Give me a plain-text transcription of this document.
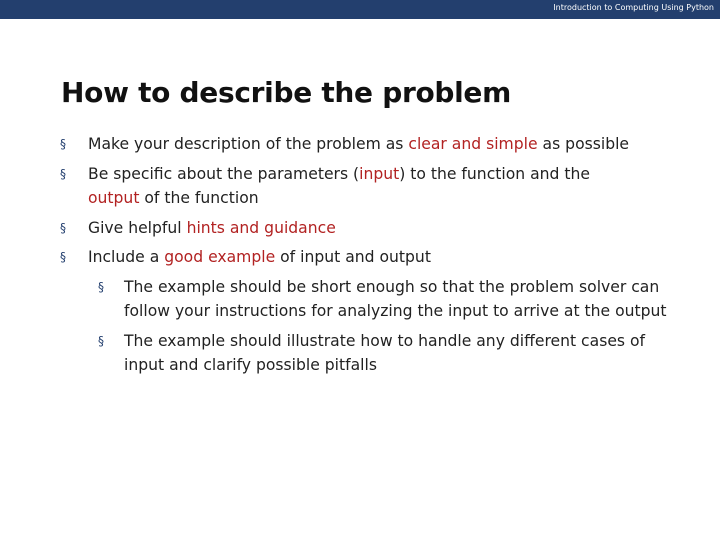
Introduction to Computing Using Python
How to describe the problem
§ Make your description of the problem as clear and simple as possible
§ Be specific about the parameters (input) to the function and the
output of the function
§ Give helpful hints and guidance
§ Include a good example of input and output
§ The example should be short enough so that the problem solver can follow your instructions for analyzing the input to arrive at the output
§ The example should illustrate how to handle any different cases of input and clarify possible pitfalls
